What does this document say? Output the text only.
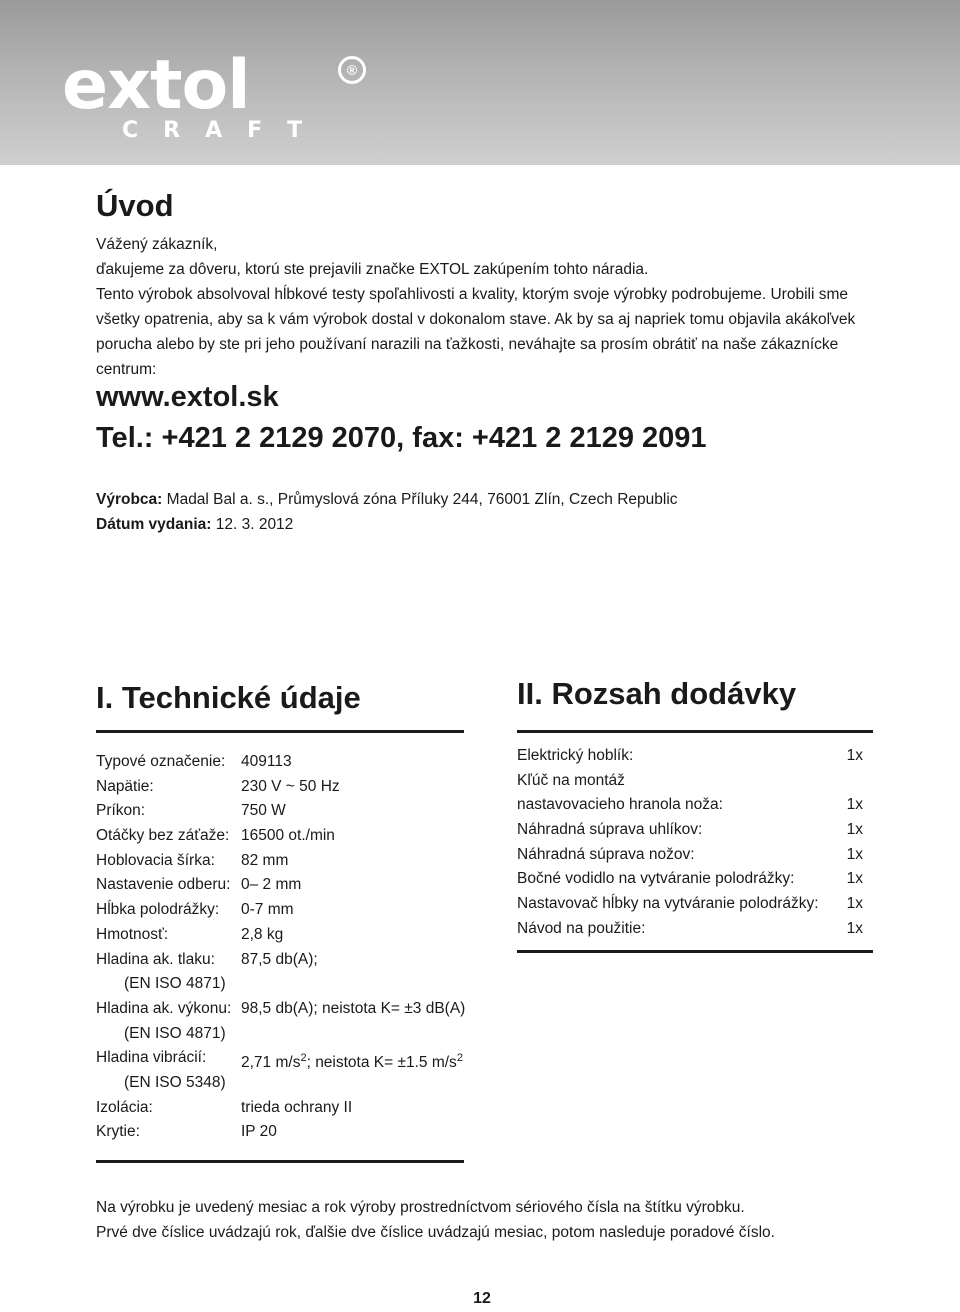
extol	®
CRAFT
Úvod
Vážený zákazník,
ďakujeme za dôveru, ktorú ste prejavili značke EXTOL zakúpením tohto náradia.
Tento výrobok absolvoval hĺbkové testy spoľahlivosti a kvality, ktorým svoje výrobky podrobujeme. Urobili sme všetky opatrenia, aby sa k vám výrobok dostal v dokonalom stave. Ak by sa aj napriek tomu objavila akákoľvek porucha alebo by ste pri jeho používaní narazili na ťažkosti, neváhajte sa prosím obrátiť na naše zákaznícke centrum:
www.extol.sk
Tel.: +421 2 2129 2070, fax: +421 2 2129 2091
Výrobca: Madal Bal a. s., Průmyslová zóna Příluky 244, 76001 Zlín, Czech Republic
Dátum vydania: 12. 3. 2012
I. Technické údaje
Typové označenie: 409113
Napätie:	230 V ~ 50 Hz
Príkon:	750 W
Otáčky bez záťaže: 16500 ot./min
Hoblovacia šírka: 82 mm
Nastavenie odberu: 0– 2 mm
Hĺbka polodrážky: 0-7 mm
Hmotnosť:	2,8 kg
Hladina ak. tlaku: 87,5 db(A);
(EN ISO 4871)
Hladina ak. výkonu: 98,5 db(A); neistota K= ±3 dB(A)
(EN ISO 4871)
Hladina vibrácií: 2,71 $m/s^2$; neistota K= ±1.5 $m/s^2$
(EN ISO 5348)
Izolácia:	trieda ochrany II
Krytie:	IP 20
II. Rozsah dodávky
Elektrický hoblík:	1x
Kľúč na montáž
nastavovacieho hranola noža:	1x
Náhradná súprava uhlíkov:	1x
Náhradná súprava nožov:	1x
Bočné vodidlo na vytváranie polodrážky:	1x
Nastavovač hĺbky na vytváranie polodrážky: 1x
Návod na použitie:	1x
Na výrobku je uvedený mesiac a rok výroby prostredníctvom sériového čísla na štítku výrobku.
Prvé dve číslice uvádzajú rok, ďalšie dve číslice uvádzajú mesiac, potom nasleduje poradové číslo.
12
